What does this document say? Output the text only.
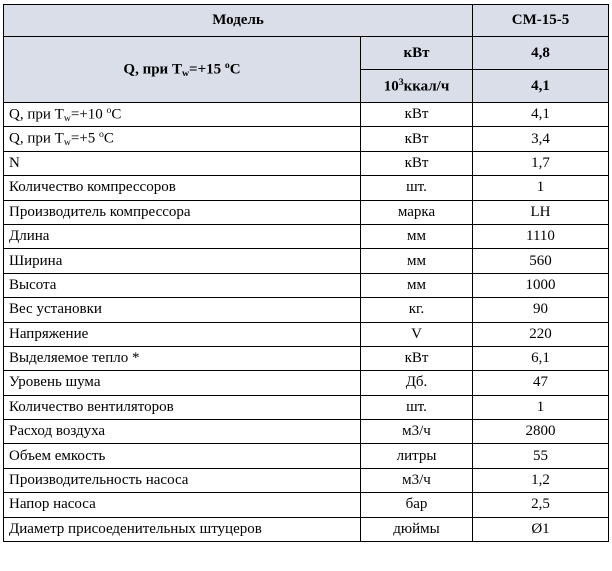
Модель		СМ-15-5
Q, при $T_w=+15$ $^o$C	кВт	4,8
	$10^3ккал/ч$	4,1
Q, при $T_w=+10$ $^o$C	кВт	4,1
Q, при $T_w=+5$ $^o$C	кВт	3,4
N	кВт	1,7
Количество компрессоров	шт.	1
Производитель компрессора	марка	LH
Длина	мм	1110
Ширина	мм	560
Высота	мм	1000
Вес установки	кг.	90
Напряжение	V	220
Выделяемое тепло *	кВт	6,1
Уровень шума	Дб.	47
Количество вентиляторов	шт.	1
Расход воздуха	м3/ч	2800
Объем емкость	литры	55
Производительность насоса	м3/ч	1,2
Напор насоса	бар	2,5
Диаметр присоеденительных штуцеров	дюймы	Ø1
